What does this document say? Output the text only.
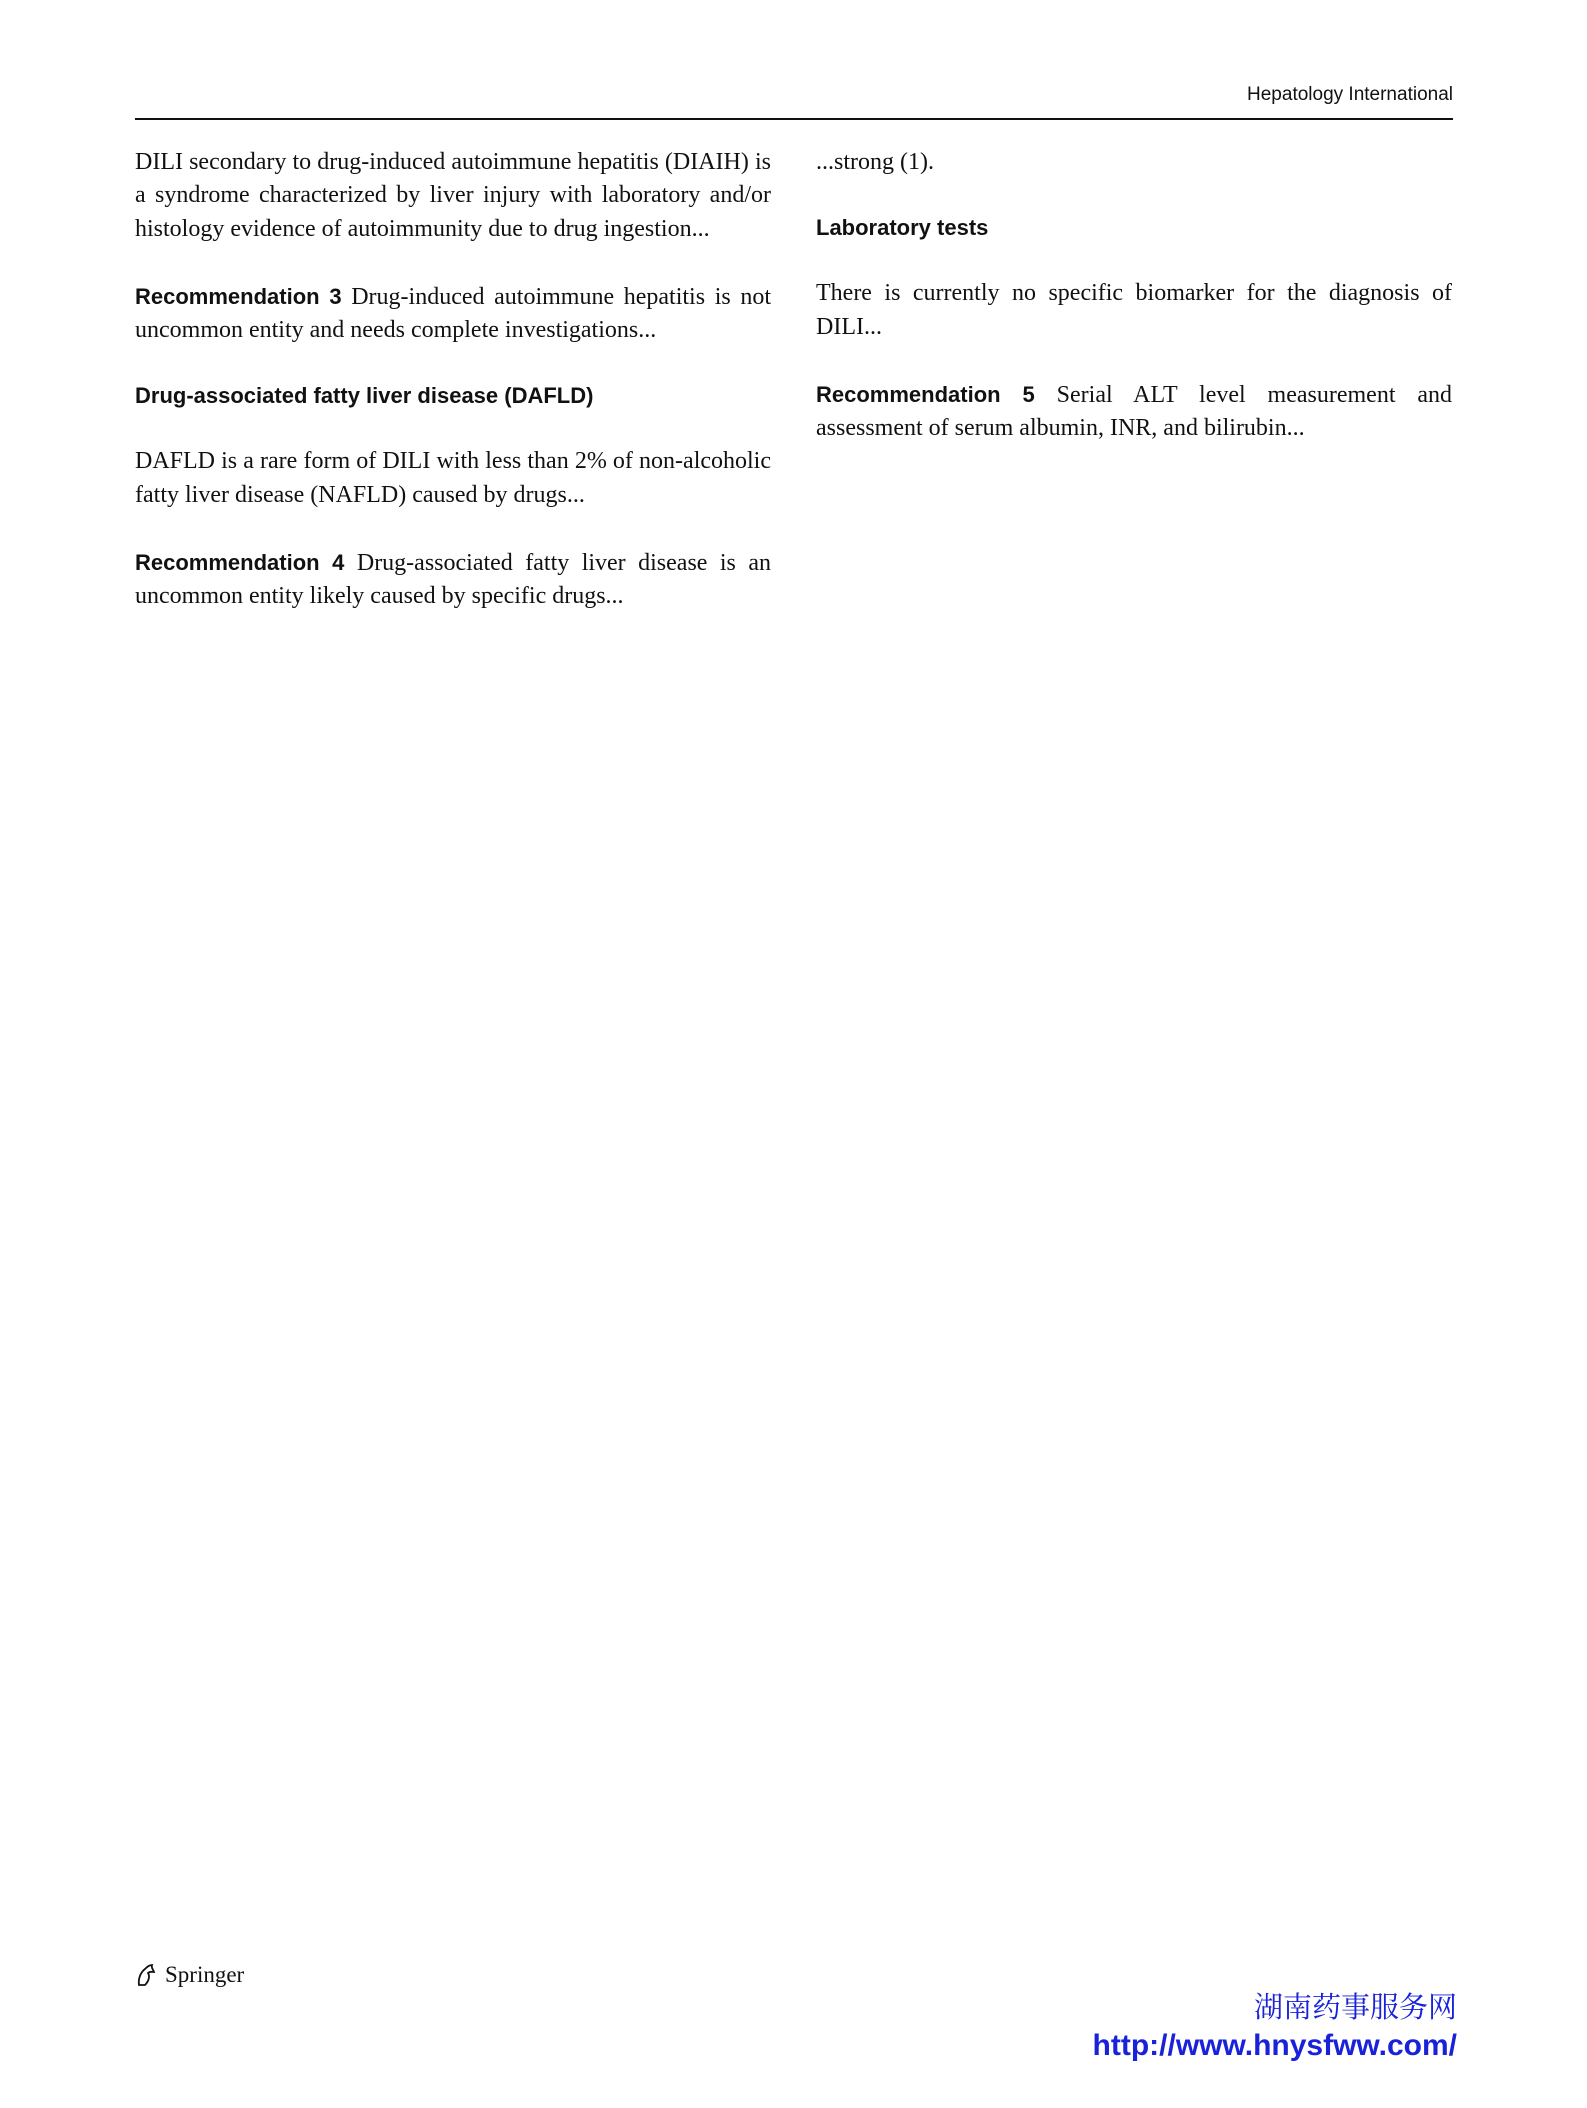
Hepatology International

DILI secondary to drug-induced autoimmune hepatitis (DIAIH) is a syndrome characterized by liver injury with laboratory and/or histology evidence of autoimmunity due to drug ingestion...

Recommendation 3 Drug-induced autoimmune hepatitis is not uncommon entity and needs complete investigations...

Drug-associated fatty liver disease (DAFLD)

DAFLD is a rare form of DILI with less than 2% of non-alcoholic fatty liver disease (NAFLD) caused by drugs...

Recommendation 4 Drug-associated fatty liver disease is an uncommon entity likely caused by specific drugs...

...strong (1).

Laboratory tests

There is currently no specific biomarker for the diagnosis of DILI...

Recommendation 5 Serial ALT level measurement and assessment of serum albumin, INR, and bilirubin...

Springer
湖南药事服务网
http://www.hnysfww.com/
